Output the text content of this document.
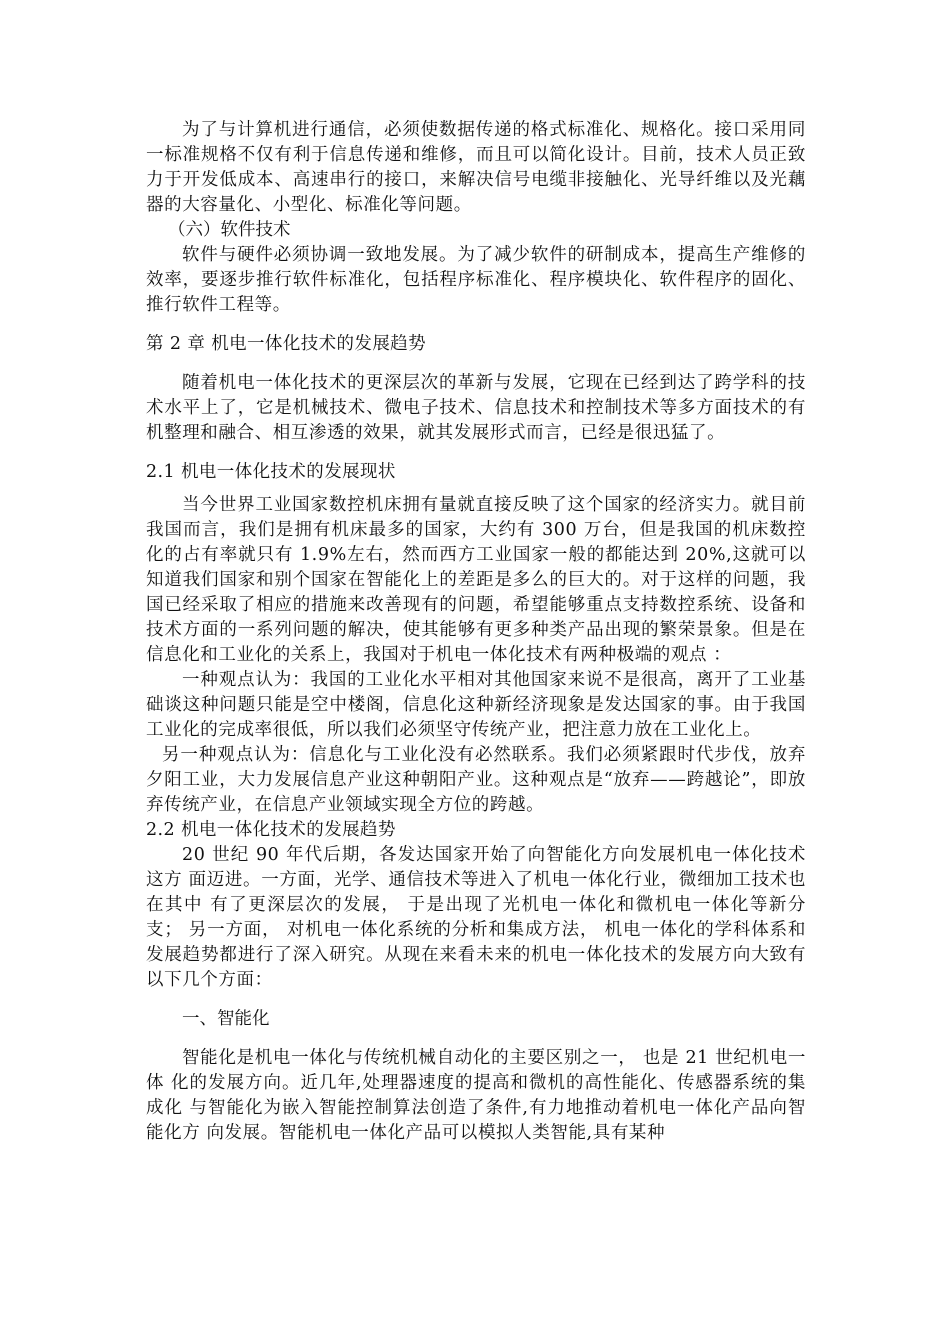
为了与计算机进行通信，必须使数据传递的格式标准化、规格化。接口采用同一标准规格不仅有利于信息传递和维修，而且可以简化设计。目前，技术人员正致力于开发低成本、高速串行的接口，来解决信号电缆非接触化、光导纤维以及光藕器的大容量化、小型化、标准化等问题。

（六）软件技术

软件与硬件必须协调一致地发展。为了减少软件的研制成本，提高生产维修的效率，要逐步推行软件标准化，包括程序标准化、程序模块化、软件程序的固化、推行软件工程等。

第 2 章 机电一体化技术的发展趋势

随着机电一体化技术的更深层次的革新与发展，它现在已经到达了跨学科的技术水平上了，它是机械技术、微电子技术、信息技术和控制技术等多方面技术的有机整理和融合、相互渗透的效果，就其发展形式而言，已经是很迅猛了。

2.1 机电一体化技术的发展现状

当今世界工业国家数控机床拥有量就直接反映了这个国家的经济实力。就目前我国而言，我们是拥有机床最多的国家，大约有 300 万台，但是我国的机床数控化的占有率就只有 1.9%左右，然而西方工业国家一般的都能达到 20%,这就可以知道我们国家和别个国家在智能化上的差距是多么的巨大的。对于这样的问题，我国已经采取了相应的措施来改善现有的问题，希望能够重点支持数控系统、设备和技术方面的一系列问题的解决，使其能够有更多种类产品出现的繁荣景象。但是在信息化和工业化的关系上，我国对于机电一体化技术有两种极端的观点 ：

一种观点认为：我国的工业化水平相对其他国家来说不是很高，离开了工业基础谈这种问题只能是空中楼阁，信息化这种新经济现象是发达国家的事。由于我国工业化的完成率很低，所以我们必须坚守传统产业，把注意力放在工业化上。

另一种观点认为：信息化与工业化没有必然联系。我们必须紧跟时代步伐，放弃夕阳工业，大力发展信息产业这种朝阳产业。这种观点是“放弃——跨越论”，即放弃传统产业，在信息产业领域实现全方位的跨越。

2.2 机电一体化技术的发展趋势

20 世纪 90 年代后期，各发达国家开始了向智能化方向发展机电一体化技术这方 面迈进。一方面，光学、通信技术等进入了机电一体化行业，微细加工技术也在其中 有了更深层次的发展， 于是出现了光机电一体化和微机电一体化等新分支； 另一方面， 对机电一体化系统的分析和集成方法， 机电一体化的学科体系和发展趋势都进行了深入研究。从现在来看未来的机电一体化技术的发展方向大致有以下几个方面：

一、智能化

智能化是机电一体化与传统机械自动化的主要区别之一， 也是 21 世纪机电一体 化的发展方向。近几年,处理器速度的提高和微机的高性能化、传感器系统的集成化 与智能化为嵌入智能控制算法创造了条件,有力地推动着机电一体化产品向智能化方 向发展。智能机电一体化产品可以模拟人类智能,具有某种
